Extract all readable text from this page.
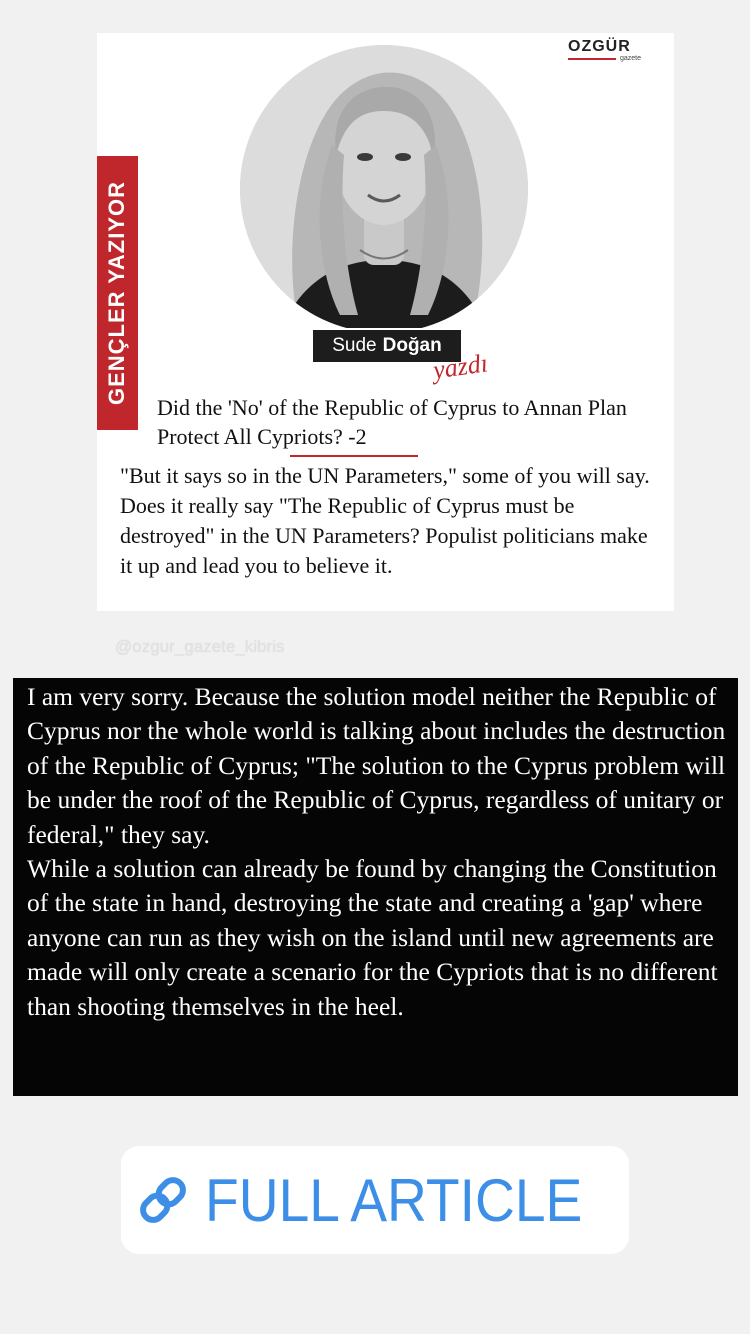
OZGÜR
gazete
GENÇLER YAZIYOR	Sude Doğan
yazdı
Did the 'No' of the Republic of Cyprus to Annan Plan Protect All Cypriots? -2
"But it says so in the UN Parameters," some of you will say. Does it really say "The Republic of Cyprus must be destroyed" in the UN Parameters? Populist politicians make it up and lead you to believe it.
@ozgur_gazete_kibris

I am very sorry. Because the solution model neither the Republic of Cyprus nor the whole world is talking about includes the destruction of the Republic of Cyprus; "The solution to the Cyprus problem will be under the roof of the Republic of Cyprus, regardless of unitary or federal," they say.

While a solution can already be found by changing the Constitution of the state in hand, destroying the state and creating a 'gap' where anyone can run as they wish on the island until new agreements are made will only create a scenario for the Cypriots that is no different than shooting themselves in the heel.

FULL ARTICLE
